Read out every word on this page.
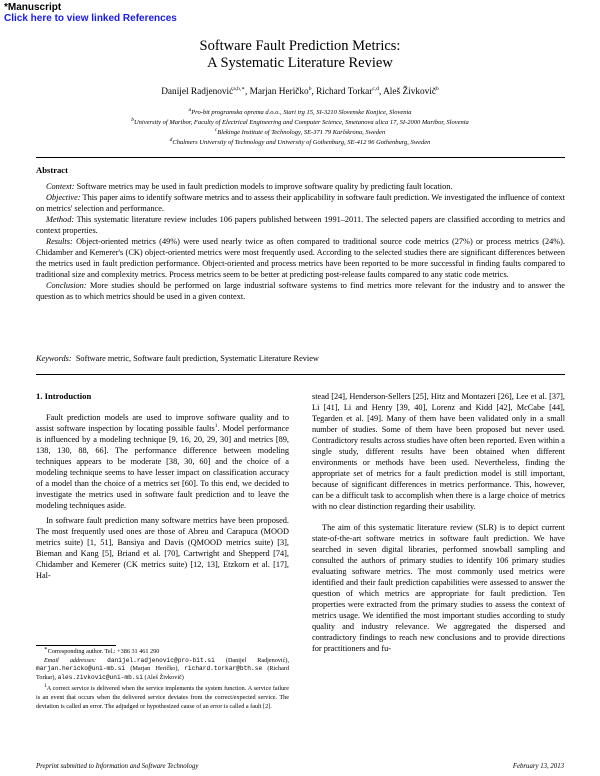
*Manuscript
Click here to view linked References
Software Fault Prediction Metrics:
A Systematic Literature Review
Danijel Radjenović$^{a,b,∗}$, Marjan Heričko$^b$, Richard Torkar$^{c,d}$, Aleš Živkovič$^b$
$^a$Pro-bit programska oprema d.o.o., Stari trg 15, SI-3210 Slovenske Konjice, Slovenia
$^b$University of Maribor, Faculty of Electrical Engineering and Computer Science, Smetanova ulica 17, SI-2000 Maribor, Slovenia
$^c$Blekinge Institute of Technology, SE-371 79 Karlskrona, Sweden
$^d$Chalmers University of Technology and University of Gothenburg, SE-412 96 Gothenburg, Sweden
Abstract

Context: Software metrics may be used in fault prediction models to improve software quality by predicting fault location.

Objective: This paper aims to identify software metrics and to assess their applicability in software fault prediction. We investigated the influence of context on metrics' selection and performance.

Method: This systematic literature review includes 106 papers published between 1991–2011. The selected papers are classified according to metrics and context properties.

Results: Object-oriented metrics (49%) were used nearly twice as often compared to traditional source code metrics (27%) or process metrics (24%). Chidamber and Kemerer's (CK) object-oriented metrics were most frequently used. According to the selected studies there are significant differences between the metrics used in fault prediction performance. Object-oriented and process metrics have been reported to be more successful in finding faults compared to traditional size and complexity metrics. Process metrics seem to be better at predicting post-release faults compared to any static code metrics.

Conclusion: More studies should be performed on large industrial software systems to find metrics more relevant for the industry and to answer the question as to which metrics should be used in a given context.

Keywords: Software metric, Software fault prediction, Systematic Literature Review
1. Introduction

Fault prediction models are used to improve software quality and to assist software inspection by locating possible faults$^1$. Model performance is influenced by a modeling technique [9, 16, 20, 29, 30] and metrics [89, 138, 130, 88, 66]. The performance difference between modeling techniques appears to be moderate [38, 30, 60] and the choice of a modeling technique seems to have lesser impact on classification accuracy of a model than the choice of a metrics set [60]. To this end, we decided to investigate the metrics used in software fault prediction and to leave the modeling techniques aside.

In software fault prediction many software metrics have been proposed. The most frequently used ones are those of Abreu and Carapuca (MOOD metrics suite) [1, 51], Bansiya and Davis (QMOOD metrics suite) [3], Bieman and Kang [5], Briand et al. [70], Cartwright and Shepperd [74], Chidamber and Kemerer (CK metrics suite) [12, 13], Etzkorn et al. [17], Hal-

stead [24], Henderson-Sellers [25], Hitz and Montazeri [26], Lee et al. [37], Li [41], Li and Henry [39, 40], Lorenz and Kidd [42], McCabe [44], Tegarden et al. [49]. Many of them have been validated only in a small number of studies. Some of them have been proposed but never used. Contradictory results across studies have often been reported. Even within a single study, different results have been obtained when different environments or methods have been used. Nevertheless, finding the appropriate set of metrics for a fault prediction model is still important, because of significant differences in metrics performance. This, however, can be a difficult task to accomplish when there is a large choice of metrics with no clear distinction regarding their usability.

The aim of this systematic literature review (SLR) is to depict current state-of-the-art software metrics in software fault prediction. We have searched in seven digital libraries, performed snowball sampling and consulted the authors of primary studies to identify 106 primary studies evaluating software metrics. The most commonly used metrics were identified and their fault prediction capabilities were assessed to answer the question of which metrics are appropriate for fault prediction. Ten properties were extracted from the primary studies to assess the context of metrics usage. We identified the most important studies according to study quality and industry relevance. We aggregated the dispersed and contradictory findings to reach new conclusions and to provide directions for practitioners and fu-

∗Corresponding author. Tel.: +386 31 461 290

Email addresses: danijel.radjenovic@pro-bit.si (Danijel Radjenović), marjan.hericko@uni-mb.si (Marjan Heričko), richard.torkar@bth.se (Richard Torkar), ales.zivkovic@uni-mb.si (Aleš Živkovič)

$^1$A correct service is delivered when the service implements the system function. A service failure is an event that occurs when the delivered service deviates from the correct/expected service. The deviation is called an error. The adjudged or hypothesized cause of an error is called a fault [2].

Preprint submitted to Information and Software Technology	February 13, 2013
